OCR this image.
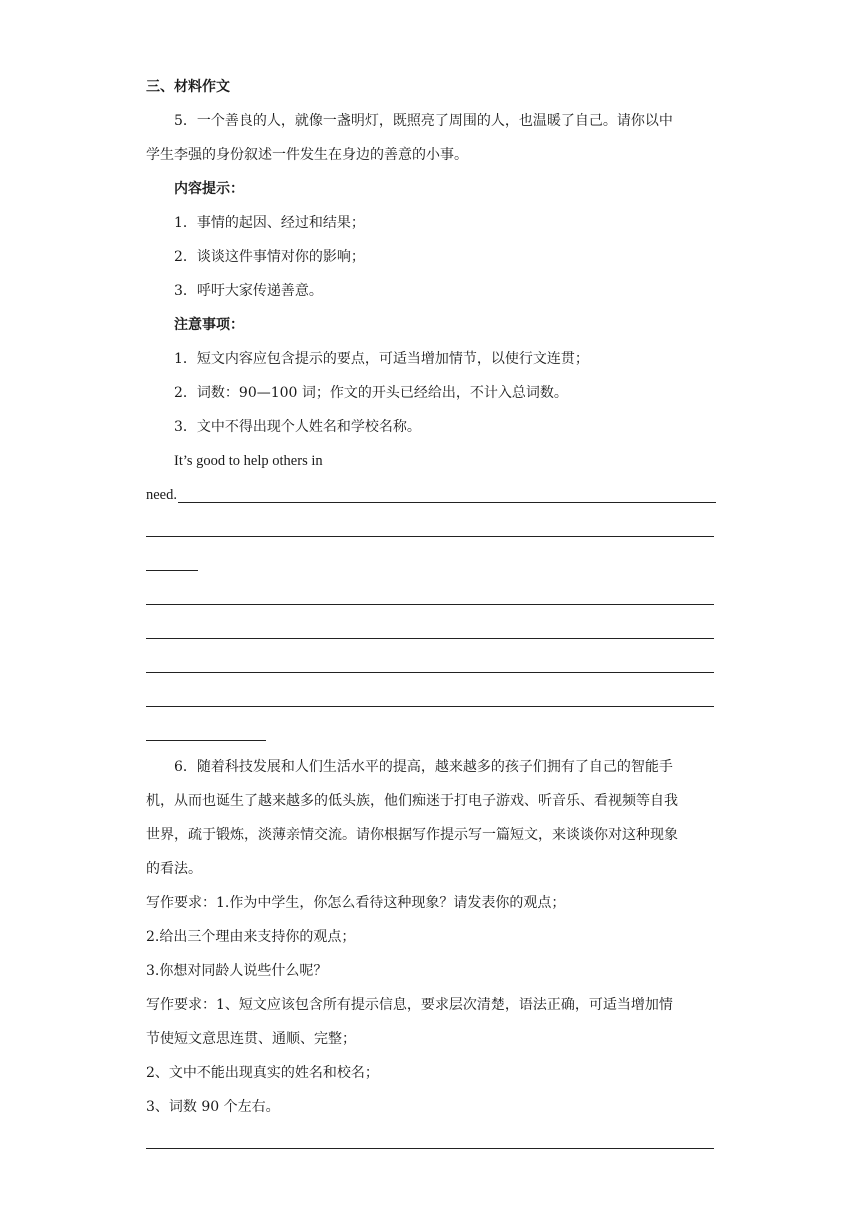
三、材料作文
5．一个善良的人，就像一盏明灯，既照亮了周围的人，也温暖了自己。请你以中
学生李强的身份叙述一件发生在身边的善意的小事。
内容提示：
1．事情的起因、经过和结果；
2．谈谈这件事情对你的影响；
3．呼吁大家传递善意。
注意事项：
1．短文内容应包含提示的要点，可适当增加情节，以使行文连贯；
2．词数：90—100 词；作文的开头已经给出，不计入总词数。
3．文中不得出现个人姓名和学校名称。
It’s good to help others in
need.
6．随着科技发展和人们生活水平的提高，越来越多的孩子们拥有了自己的智能手
机，从而也诞生了越来越多的低头族，他们痴迷于打电子游戏、听音乐、看视频等自我
世界，疏于锻炼，淡薄亲情交流。请你根据写作提示写一篇短文，来谈谈你对这种现象
的看法。
写作要求：1.作为中学生，你怎么看待这种现象？请发表你的观点；
2.给出三个理由来支持你的观点；
3.你想对同龄人说些什么呢？
写作要求：1、短文应该包含所有提示信息，要求层次清楚，语法正确，可适当增加情
节使短文意思连贯、通顺、完整；
2、文中不能出现真实的姓名和校名；
3、词数 90 个左右。
